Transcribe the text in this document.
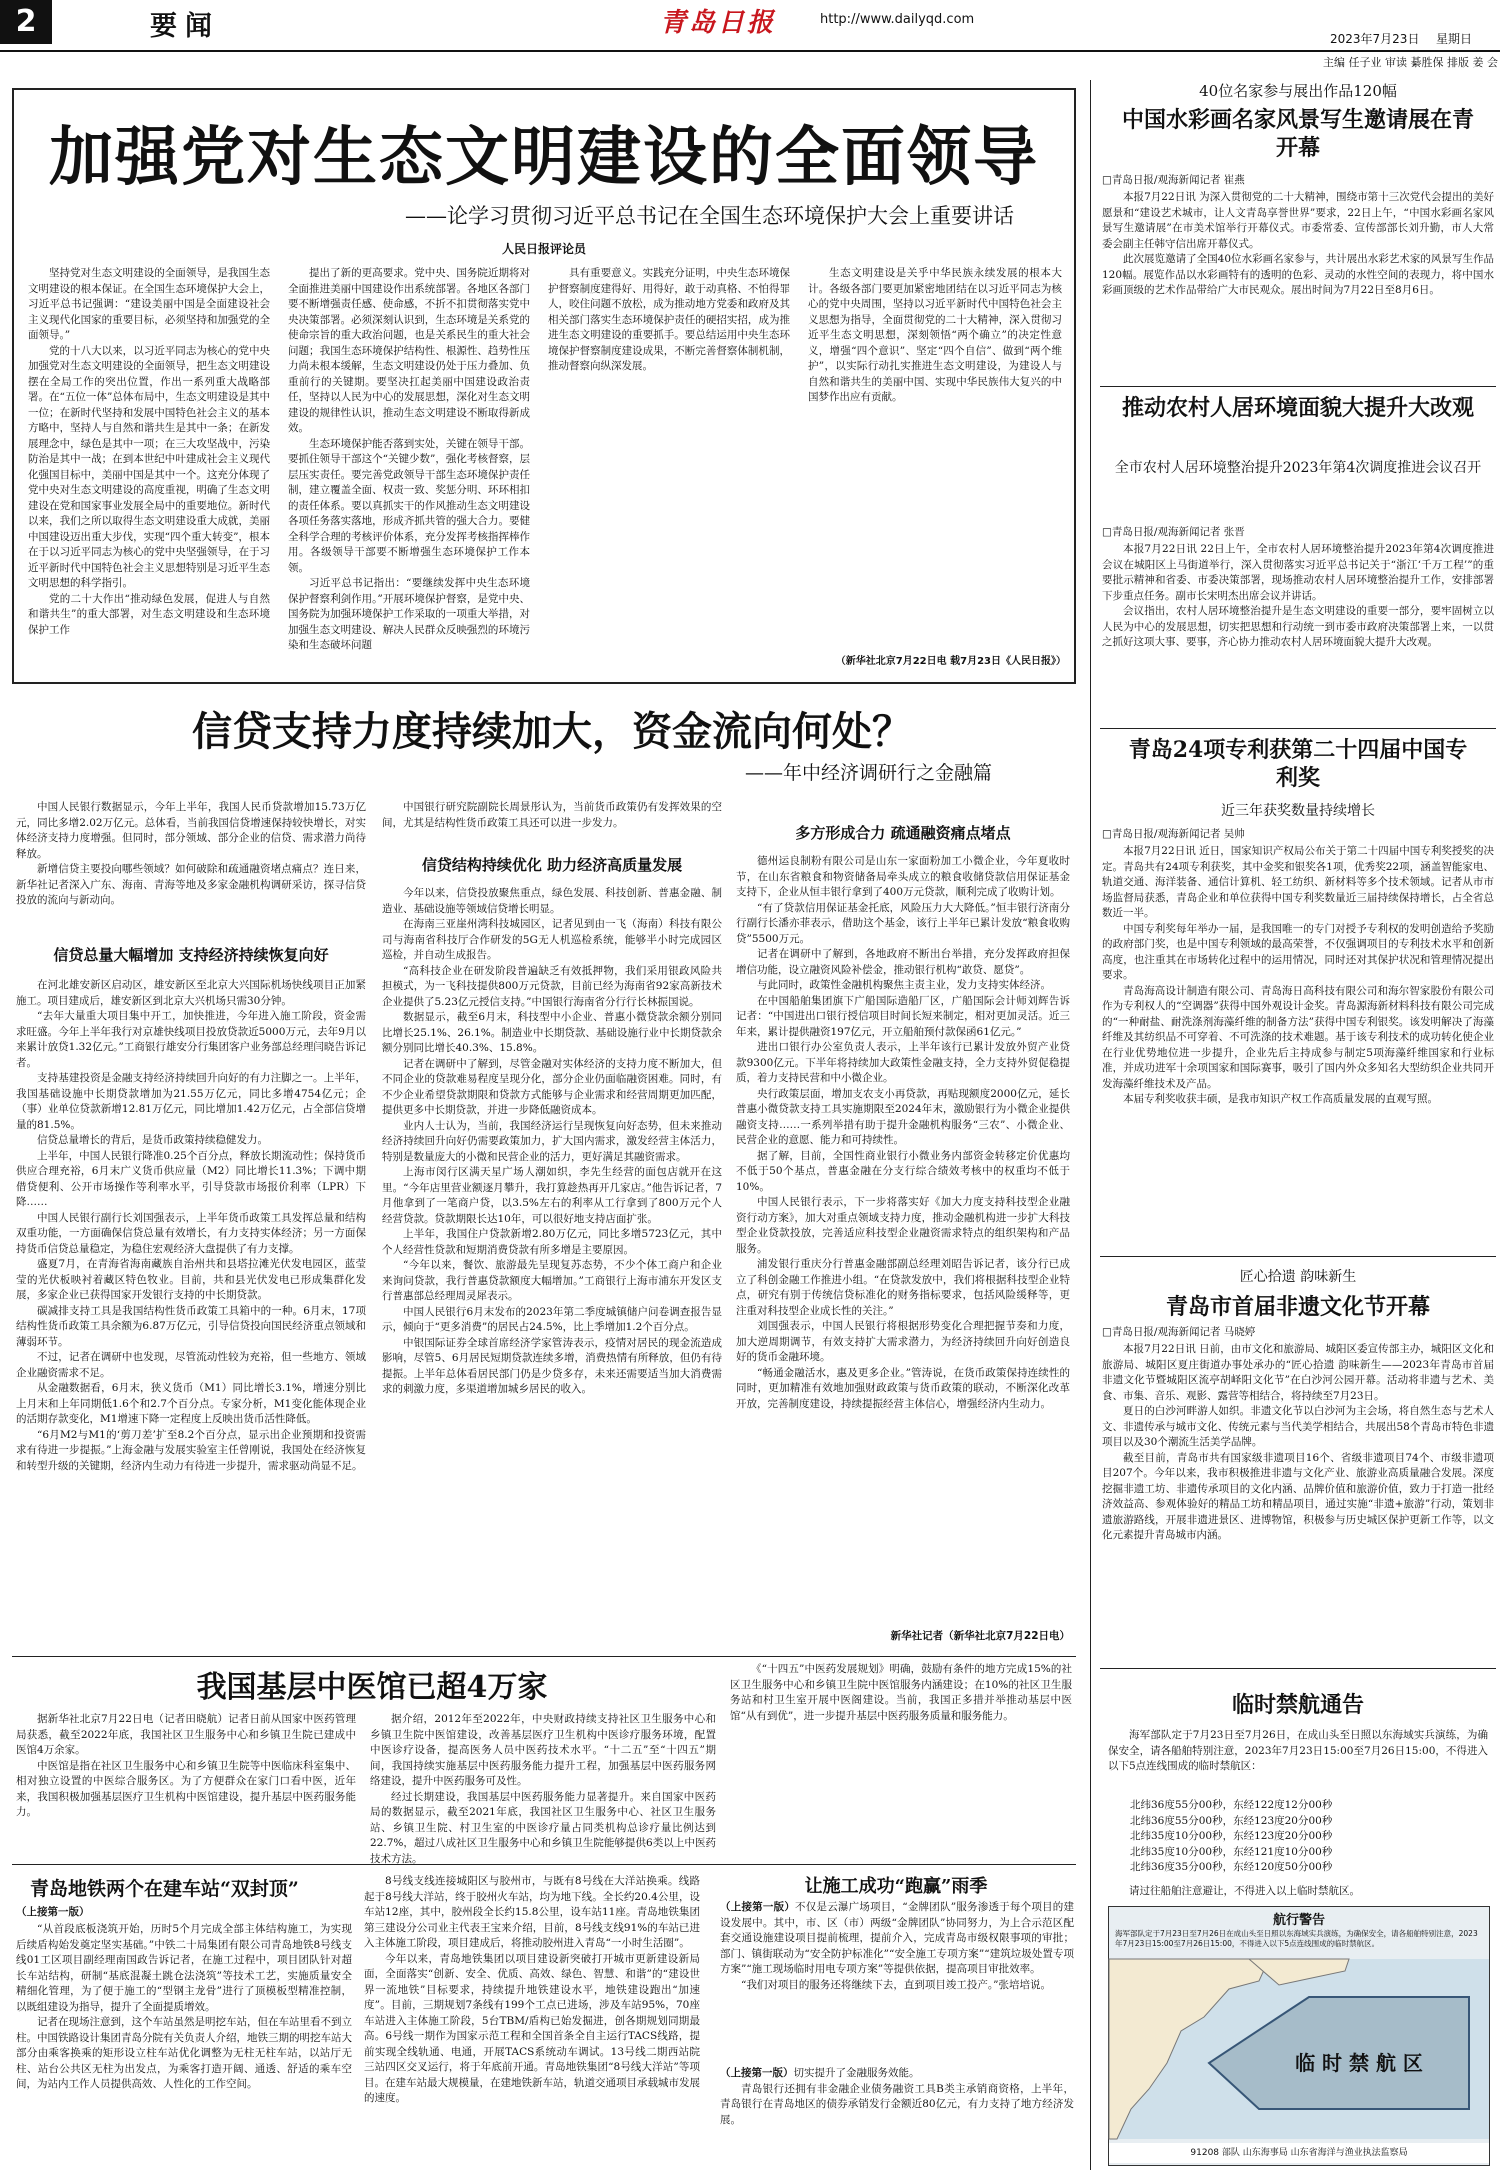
2	要闻	青岛日报	http://www.dailyqd.com
2023年7月23日	星期日
主编 任子业 审读 綦胜保 排版 姜 会
加强党对生态文明建设的全面领导
——论学习贯彻习近平总书记在全国生态环境保护大会上重要讲话
人民日报评论员

坚持党对生态文明建设的全面领导，是我国生态文明建设的根本保证。在全国生态环境保护大会上，习近平总书记强调：“建设美丽中国是全面建设社会主义现代化国家的重要目标，必须坚持和加强党的全面领导。”

党的十八大以来，以习近平同志为核心的党中央加强党对生态文明建设的全面领导，把生态文明建设摆在全局工作的突出位置，作出一系列重大战略部署。在“五位一体”总体布局中，生态文明建设是其中一位；在新时代坚持和发展中国特色社会主义的基本方略中，坚持人与自然和谐共生是其中一条；在新发展理念中，绿色是其中一项；在三大攻坚战中，污染防治是其中一战；在到本世纪中叶建成社会主义现代化强国目标中，美丽中国是其中一个。这充分体现了党中央对生态文明建设的高度重视，明确了生态文明建设在党和国家事业发展全局中的重要地位。新时代以来，我们之所以取得生态文明建设重大成就，美丽中国建设迈出重大步伐，实现“四个重大转变”，根本在于以习近平同志为核心的党中央坚强领导，在于习近平新时代中国特色社会主义思想特别是习近平生态文明思想的科学指引。

党的二十大作出“推动绿色发展，促进人与自然和谐共生”的重大部署，对生态文明建设和生态环境保护工作

提出了新的更高要求。党中央、国务院近期将对全面推进美丽中国建设作出系统部署。各地区各部门要不断增强责任感、使命感，不折不扣贯彻落实党中央决策部署。必须深刻认识到，生态环境是关系党的使命宗旨的重大政治问题，也是关系民生的重大社会问题；我国生态环境保护结构性、根源性、趋势性压力尚未根本缓解，生态文明建设仍处于压力叠加、负重前行的关键期。要坚决扛起美丽中国建设政治责任，坚持以人民为中心的发展思想，深化对生态文明建设的规律性认识，推动生态文明建设不断取得新成效。

生态环境保护能否落到实处，关键在领导干部。要抓住领导干部这个“关键少数”，强化考核督察，层层压实责任。要完善党政领导干部生态环境保护责任制，建立覆盖全面、权责一致、奖惩分明、环环相扣的责任体系。要以真抓实干的作风推动生态文明建设各项任务落实落地，形成齐抓共管的强大合力。要健全科学合理的考核评价体系，充分发挥考核指挥棒作用。各级领导干部要不断增强生态环境保护工作本领。

习近平总书记指出：“要继续发挥中央生态环境保护督察利剑作用。”开展环境保护督察，是党中央、国务院为加强环境保护工作采取的一项重大举措，对加强生态文明建设、解决人民群众反映强烈的环境污染和生态破坏问题

具有重要意义。实践充分证明，中央生态环境保护督察制度建得好、用得好，敢于动真格、不怕得罪人，咬住问题不放松，成为推动地方党委和政府及其相关部门落实生态环境保护责任的硬招实招，成为推进生态文明建设的重要抓手。要总结运用中央生态环境保护督察制度建设成果，不断完善督察体制机制，推动督察向纵深发展。

生态文明建设是关乎中华民族永续发展的根本大计。各级各部门要更加紧密地团结在以习近平同志为核心的党中央周围，坚持以习近平新时代中国特色社会主义思想为指导，全面贯彻党的二十大精神，深入贯彻习近平生态文明思想，深刻领悟“两个确立”的决定性意义，增强“四个意识”、坚定“四个自信”、做到“两个维护”，以实际行动扎实推进生态文明建设，为建设人与自然和谐共生的美丽中国、实现中华民族伟大复兴的中国梦作出应有贡献。

（新华社北京7月22日电 载7月23日《人民日报》）
信贷支持力度持续加大，资金流向何处？
——年中经济调研行之金融篇

中国人民银行数据显示，今年上半年，我国人民币贷款增加15.73万亿元，同比多增2.02万亿元。总体看，当前我国信贷增速保持较快增长，对实体经济支持力度增强。但同时，部分领域、部分企业的信贷、需求潜力尚待释放。

新增信贷主要投向哪些领域？如何破除和疏通融资堵点痛点？连日来，新华社记者深入广东、海南、青海等地及多家金融机构调研采访，探寻信贷投放的流向与新动向。

信贷总量大幅增加 支持经济持续恢复向好

在河北雄安新区启动区，雄安新区至北京大兴国际机场快线项目正加紧施工。项目建成后，雄安新区到北京大兴机场只需30分钟。

“去年大量重大项目集中开工，加快推进，今年进入施工阶段，资金需求旺盛。今年上半年我行对京雄快线项目投放贷款近5000万元，去年9月以来累计放贷1.32亿元。”工商银行雄安分行集团客户业务部总经理闫晓告诉记者。

支持基建投资是金融支持经济持续回升向好的有力注脚之一。上半年，我国基础设施中长期贷款增加为21.55万亿元，同比多增4754亿元；企（事）业单位贷款新增12.81万亿元，同比增加1.42万亿元，占全部信贷增量的81.5%。

信贷总量增长的背后，是货币政策持续稳健发力。

上半年，中国人民银行降准0.25个百分点，释放长期流动性；保持货币供应合理充裕，6月末广义货币供应量（M2）同比增长11.3%；下调中期借贷便利、公开市场操作等利率水平，引导贷款市场报价利率（LPR）下降……

中国人民银行副行长刘国强表示，上半年货币政策工具发挥总量和结构双重功能，一方面确保信贷总量有效增长，有力支持实体经济；另一方面保持货币信贷总量稳定，为稳住宏观经济大盘提供了有力支撑。

盛夏7月，在青海省海南藏族自治州共和县塔拉滩光伏发电园区，蓝莹莹的光伏板映衬着藏区特色牧业。目前，共和县光伏发电已形成集群化发展，多家企业已获得国家开发银行支持的中长期贷款。

碳减排支持工具是我国结构性货币政策工具箱中的一种。6月末，17项结构性货币政策工具余额为6.87万亿元，引导信贷投向国民经济重点领域和薄弱环节。

不过，记者在调研中也发现，尽管流动性较为充裕，但一些地方、领域企业融资需求不足。

从金融数据看，6月末，狭义货币（M1）同比增长3.1%，增速分别比上月末和上年同期低1.6个和2.7个百分点。专家分析，M1变化能体现企业的活期存款变化，M1增速下降一定程度上反映出货币活性降低。

“6月M2与M1的‘剪刀差’扩至8.2个百分点，显示出企业预期和投资需求有待进一步提振。”上海金融与发展实验室主任曾刚说，我国处在经济恢复和转型升级的关键期，经济内生动力有待进一步提升，需求驱动尚显不足。

中国银行研究院副院长周景彤认为，当前货币政策仍有发挥效果的空间，尤其是结构性货币政策工具还可以进一步发力。

信贷结构持续优化 助力经济高质量发展

今年以来，信贷投放聚焦重点，绿色发展、科技创新、普惠金融、制造业、基础设施等领域信贷增长明显。

在海南三亚崖州湾科技城园区，记者见到由一飞（海南）科技有限公司与海南省科技厅合作研发的5G无人机巡检系统，能够半小时完成园区巡检，并自动生成报告。

“高科技企业在研发阶段普遍缺乏有效抵押物，我们采用银政风险共担模式，为一飞科技提供800万元贷款，目前已经为海南省92家高新技术企业提供了5.23亿元授信支持。”中国银行海南省分行行长林振国说。

数据显示，截至6月末，科技型中小企业、普惠小微贷款余额分别同比增长25.1%、26.1%。制造业中长期贷款、基础设施行业中长期贷款余额分别同比增长40.3%、15.8%。

记者在调研中了解到，尽管金融对实体经济的支持力度不断加大，但不同企业的贷款难易程度呈现分化，部分企业仍面临融资困难。同时，有不少企业希望贷款期限和贷款方式能够与企业需求和经营周期更加匹配，提供更多中长期贷款，并进一步降低融资成本。

业内人士认为，当前，我国经济运行呈现恢复向好态势，但未来推动经济持续回升向好仍需要政策加力，扩大国内需求，激发经营主体活力，特别是数量庞大的小微和民营企业的活力，更好满足其融资需求。

上海市闵行区满天星广场人潮如织，李先生经营的面包店就开在这里。“今年店里营业额逐月攀升，我打算趁热再开几家店。”他告诉记者，7月他拿到了一笔商户贷，以3.5%左右的利率从工行拿到了800万元个人经营贷款。贷款期限长达10年，可以很好地支持店面扩张。

上半年，我国住户贷款新增2.80万亿元，同比多增5723亿元，其中个人经营性贷款和短期消费贷款有所多增是主要原因。

“今年以来，餐饮、旅游最先呈现复苏态势，不少个体工商户和企业来询问贷款，我行普惠贷款额度大幅增加。”工商银行上海市浦东开发区支行普惠部总经理周灵犀表示。

中国人民银行6月末发布的2023年第二季度城镇储户问卷调查报告显示，倾向于“更多消费”的居民占24.5%，比上季增加1.2个百分点。

中银国际证券全球首席经济学家管涛表示，疫情对居民的现金流造成影响，尽管5、6月居民短期贷款连续多增，消费热情有所释放，但仍有待提振。上半年总体看居民部门仍是少贷多存，未来还需要适当加大消费需求的刺激力度，多渠道增加城乡居民的收入。

多方形成合力 疏通融资痛点堵点

德州运良制粉有限公司是山东一家面粉加工小微企业，今年夏收时节，在山东省粮食和物资储备局牵头成立的粮食收储贷款信用保证基金支持下，企业从恒丰银行拿到了400万元贷款，顺利完成了收购计划。

“有了贷款信用保证基金托底，风险压力大大降低。”恒丰银行济南分行副行长潘亦菲表示，借助这个基金，该行上半年已累计发放“粮食收购贷”5500万元。

记者在调研中了解到，各地政府不断出台举措，充分发挥政府担保增信功能，设立融资风险补偿金，推动银行机构“敢贷、愿贷”。

与此同时，政策性金融机构聚焦主责主业，发力支持实体经济。

在中国船舶集团旗下广船国际造船厂区，广船国际会计师刘辉告诉记者：“中国进出口银行授信项目时间长短来制定，相对更加灵活。近三年来，累计提供融资197亿元，开立船舶预付款保函61亿元。”

进出口银行办公室负责人表示，上半年该行已累计发放外贸产业贷款9300亿元。下半年将持续加大政策性金融支持，全力支持外贸促稳提质，着力支持民营和中小微企业。

央行政策层面，增加支农支小再贷款，再贴现额度2000亿元，延长普惠小微贷款支持工具实施期限至2024年末，激励银行为小微企业提供融资支持……一系列举措有助于提升金融机构服务“三农”、小微企业、民营企业的意愿、能力和可持续性。

据了解，目前，全国性商业银行小微业务内部资金转移定价优惠均不低于50个基点，普惠金融在分支行综合绩效考核中的权重均不低于10%。

中国人民银行表示，下一步将落实好《加大力度支持科技型企业融资行动方案》，加大对重点领域支持力度，推动金融机构进一步扩大科技型企业贷款投放，完善适应科技型企业融资需求特点的组织架构和产品服务。

浦发银行重庆分行普惠金融部副总经理刘昭告诉记者，该分行已成立了科创金融工作推进小组。“在贷款发放中，我们将根据科技型企业特点，研究有别于传统信贷标准化的财务指标要求，包括风险缓释等，更注重对科技型企业成长性的关注。”

刘国强表示，中国人民银行将根据形势变化合理把握节奏和力度，加大逆周期调节，有效支持扩大需求潜力，为经济持续回升向好创造良好的货币金融环境。

“畅通金融活水，惠及更多企业。”管涛说，在货币政策保持连续性的同时，更加精准有效地加强财政政策与货币政策的联动，不断深化改革开放，完善制度建设，持续提振经营主体信心，增强经济内生动力。

新华社记者（新华社北京7月22日电）
我国基层中医馆已超4万家

据新华社北京7月22日电（记者田晓航）记者日前从国家中医药管理局获悉，截至2022年底，我国社区卫生服务中心和乡镇卫生院已建成中医馆4万余家。

中医馆是指在社区卫生服务中心和乡镇卫生院等中医临床科室集中、相对独立设置的中医综合服务区。为了方便群众在家门口看中医，近年来，我国积极加强基层医疗卫生机构中医馆建设，提升基层中医药服务能力。

据介绍，2012年至2022年，中央财政持续支持社区卫生服务中心和乡镇卫生院中医馆建设，改善基层医疗卫生机构中医诊疗服务环境，配置中医诊疗设备，提高医务人员中医药技术水平。“十二五”至“十四五”期间，我国持续实施基层中医药服务能力提升工程，加强基层中医药服务网络建设，提升中医药服务可及性。

经过长期建设，我国基层中医药服务能力显著提升。来自国家中医药局的数据显示，截至2021年底，我国社区卫生服务中心、社区卫生服务站、乡镇卫生院、村卫生室的中医诊疗量占同类机构总诊疗量比例达到22.7%，超过八成社区卫生服务中心和乡镇卫生院能够提供6类以上中医药技术方法。

《“十四五”中医药发展规划》明确，鼓励有条件的地方完成15%的社区卫生服务中心和乡镇卫生院中医馆服务内涵建设；在10%的社区卫生服务站和村卫生室开展中医阁建设。当前，我国正多措并举推动基层中医馆“从有到优”，进一步提升基层中医药服务质量和服务能力。

青岛地铁两个在建车站“双封顶”
（上接第一版）

“从首段底板浇筑开始，历时5个月完成全部主体结构施工，为实现后续盾构始发奠定坚实基础。”中铁二十局集团有限公司青岛地铁8号线支线01工区项目副经理南国政告诉记者，在施工过程中，项目团队针对超长车站结构，研制“基底混凝土跳仓法浇筑”等技术工艺，实施质量安全精细化管理，为了便于施工的“型钢主龙骨”进行了顶模板型精准控制，以既组建设为指导，提升了全面提质增效。

记者在现场注意到，这个车站虽然是明挖车站，但在车站里看不到立柱。中国铁路设计集团青岛分院有关负责人介绍，地铁三期的明挖车站大部分由乘客换乘的矩形设立柱车站优化调整为无柱无柱车站，以站厅无柱、站台公共区无柱为出发点，为乘客打造开阔、通透、舒适的乘车空间，为站内工作人员提供高效、人性化的工作空间。

8号线支线连接城阳区与胶州市，与既有8号线在大洋站换乘。线路起于8号线大洋站，终于胶州火车站，均为地下线。全长约20.4公里，设车站12座，其中，胶州段全长约15.8公里，设车站11座。青岛地铁集团第三建设分公司业主代表王宝来介绍，目前，8号线支线91%的车站已进入主体施工阶段，项目建成后，将推动胶州进入青岛“一小时生活圈”。

今年以来，青岛地铁集团以项目建设新突破打开城市更新建设新局面，全面落实“创新、安全、优质、高效、绿色、智慧、和谐”的“建设世界一流地铁”目标要求，持续提升地铁建设水平，地铁建设跑出“加速度”。目前，三期规划7条线有199个工点已进场，涉及车站95%，70座车站进入主体施工阶段，5台TBM/盾构已始发掘进，创各期规划同期最高。6号线一期作为国家示范工程和全国首条全自主运行TACS线路，提前实现全线轨通、电通，开展TACS系统动车调试。13号线二期西站院三站四区交叉运行，将于年底前开通。青岛地铁集团“8号线大洋站”等项目。在建车站最大规模量，在建地铁新车站，轨道交通项目承载城市发展的速度。

让施工成功“跑赢”雨季

（上接第一版）不仅是云瀑广场项目，“金牌团队”服务渗透于每个项目的建设发展中。其中，市、区（市）两级“金牌团队”协同努力，为上合示范区配套交通设施建设项目提前梳理，提前介入，完成青岛市级权限事项的审批；部门、镇街联动为“安全防护标准化”“安全施工专项方案”“建筑垃圾处置专项方案”“施工现场临时用电专项方案”等提供依据，提高项目审批效率。

“我们对项目的服务还将继续下去，直到项目竣工投产。”张培培说。

（上接第一版）切实提升了金融服务效能。

青岛银行还拥有非金融企业债务融资工具B类主承销商资格，上半年，青岛银行在青岛地区的债券承销发行金额近80亿元，有力支持了地方经济发展。

40位名家参与展出作品120幅
中国水彩画名家风景写生邀请展在青开幕
□青岛日报/观海新闻记者 崔燕

本报7月22日讯 为深入贯彻党的二十大精神，围绕市第十三次党代会提出的美好愿景和“建设艺术城市，让人文青岛享誉世界”要求，22日上午，“中国水彩画名家风景写生邀请展”在市美术馆举行开幕仪式。市委常委、宣传部部长刘升勤，市人大常委会副主任韩守信出席开幕仪式。

此次展览邀请了全国40位水彩画名家参与，共计展出水彩艺术家的风景写生作品120幅。展览作品以水彩画特有的透明的色彩、灵动的水性空间的表现力，将中国水彩画顶级的艺术作品带给广大市民观众。展出时间为7月22日至8月6日。

推动农村人居环境面貌大提升大改观
全市农村人居环境整治提升2023年第4次调度推进会议召开
□青岛日报/观海新闻记者 张晋

本报7月22日讯 22日上午，全市农村人居环境整治提升2023年第4次调度推进会议在城阳区上马街道举行，深入贯彻落实习近平总书记关于“浙江‘千万工程’”的重要批示精神和省委、市委决策部署，现场推动农村人居环境整治提升工作，安排部署下步重点任务。副市长宋明杰出席会议并讲话。

会议指出，农村人居环境整治提升是生态文明建设的重要一部分，要牢固树立以人民为中心的发展思想，切实把思想和行动统一到市委市政府决策部署上来，一以贯之抓好这项大事、要事，齐心协力推动农村人居环境面貌大提升大改观。

青岛24项专利获第二十四届中国专利奖
近三年获奖数量持续增长
□青岛日报/观海新闻记者 吴帅

本报7月22日讯 近日，国家知识产权局公布关于第二十四届中国专利奖授奖的决定。青岛共有24项专利获奖，其中金奖和银奖各1项，优秀奖22项，涵盖智能家电、轨道交通、海洋装备、通信计算机、轻工纺织、新材料等多个技术领域。记者从市市场监督局获悉，青岛企业和单位获得中国专利奖数量近三届持续保持增长，占全省总数近一半。

中国专利奖每年举办一届，是我国唯一的专门对授予专利权的发明创造给予奖励的政府部门奖，也是中国专利领域的最高荣誉，不仅强调项目的专利技术水平和创新高度，也注重其在市场转化过程中的运用情况，同时还对其保护状况和管理情况提出要求。

青岛海高设计制造有限公司、青岛海日高科技有限公司和海尔智家股份有限公司作为专利权人的“空调器”获得中国外观设计金奖。青岛源海新材料科技有限公司完成的“一种耐盐、耐洗涤剂海藻纤维的制备方法”获得中国专利银奖。该发明解决了海藻纤维及其纺织品不可穿着、不可洗涤的技术难题。基于该专利技术的成功转化使企业在行业优势地位进一步提升，企业先后主持成参与制定5项海藻纤维国家和行业标准，并成功进军十余项国家和国际赛事，吸引了国内外众多知名大型纺织企业共同开发海藻纤维技术及产品。

本届专利奖收获丰硕，是我市知识产权工作高质量发展的直观写照。

匠心拾遗 韵味新生
青岛市首届非遗文化节开幕
□青岛日报/观海新闻记者 马晓婷

本报7月22日讯 日前，由市文化和旅游局、城阳区委宣传部主办，城阳区文化和旅游局、城阳区夏庄街道办事处承办的“匠心拾遗 韵味新生——2023年青岛市首届非遗文化节暨城阳区流亭胡峄阳文化节”在白沙河公园开幕。活动将非遗与艺术、美食、市集、音乐、观影、露营等相结合，将持续至7月23日。

夏日的白沙河畔游人如织。非遗文化节以白沙河为主会场，将自然生态与艺术人文、非遗传承与城市文化、传统元素与当代美学相结合，共展出58个青岛市特色非遗项目以及30个潮流生活美学品牌。

截至目前，青岛市共有国家级非遗项目16个、省级非遗项目74个、市级非遗项目207个。今年以来，我市积极推进非遗与文化产业、旅游业高质量融合发展。深度挖掘非遗工坊、非遗传承项目的文化内涵、品牌价值和旅游价值，致力于打造一批经济效益高、参观体验好的精品工坊和精品项目，通过实施“非遗+旅游”行动，策划非遗旅游路线，开展非遗进景区、进博物馆，积极参与历史城区保护更新工作等，以文化元素提升青岛城市内涵。

临时禁航通告

海军部队定于7月23日至7月26日，在成山头至日照以东海域实兵演练，为确保安全，请各船舶特别注意，2023年7月23日15:00至7月26日15:00，不得进入以下5点连线围成的临时禁航区：

北纬36度55分00秒，东经122度12分00秒

北纬36度55分00秒，东经123度20分00秒

北纬35度10分00秒，东经123度20分00秒

北纬35度10分00秒，东经121度10分00秒

北纬36度35分00秒，东经120度50分00秒

请过往船舶注意避让，不得进入以上临时禁航区。

航行警告
海军部队定于7月23日至7月26日在成山头至日照以东海域实兵演练，为确保安全，请各船舶特别注意，2023年7月23日15:00至7月26日15:00，不得进入以下5点连线围成的临时禁航区。
临 时 禁 航 区
91208 部队 山东海事局 山东省海洋与渔业执法监察局
